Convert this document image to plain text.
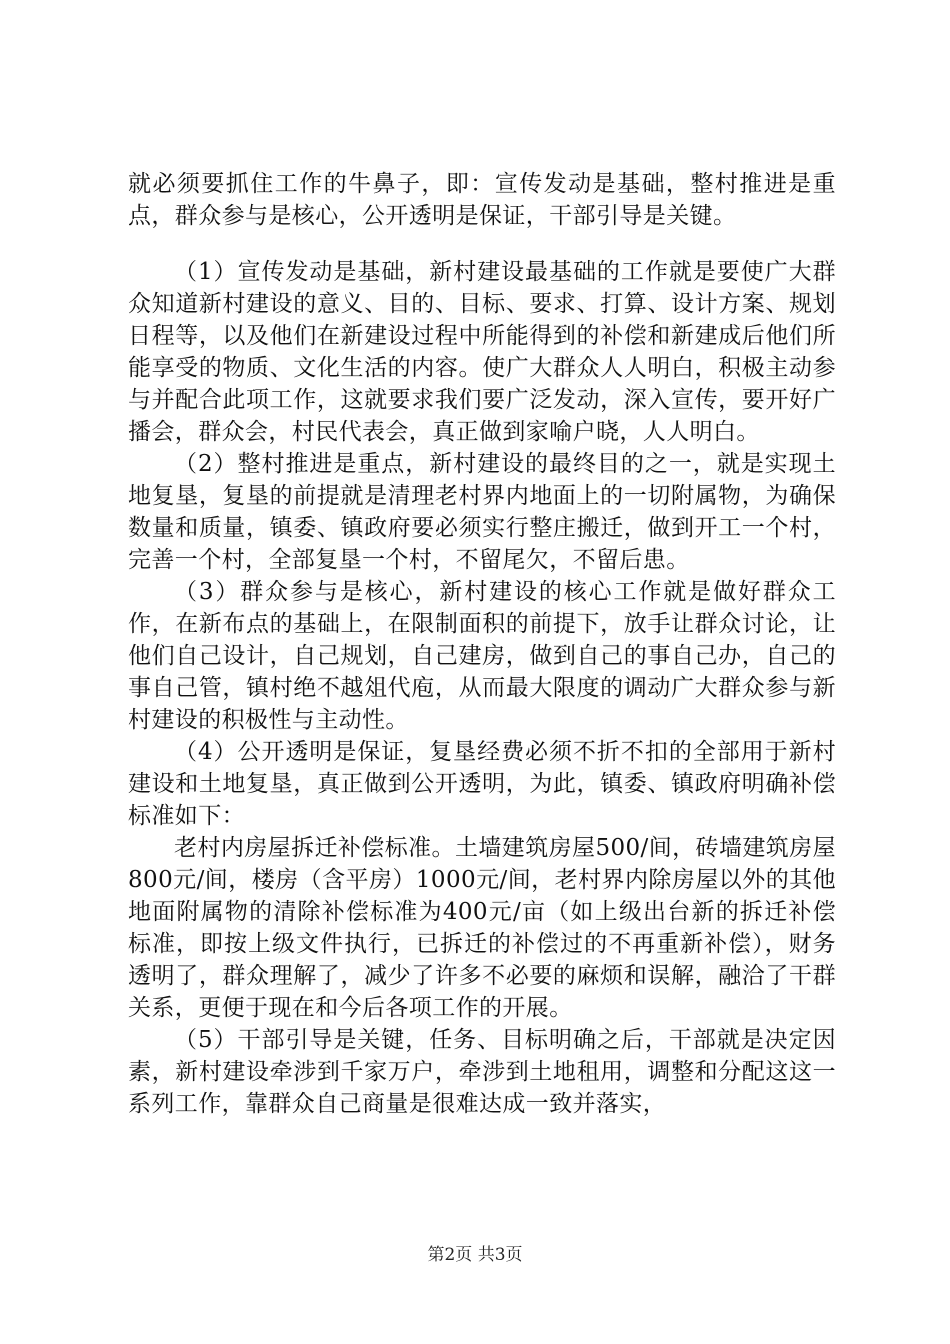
就必须要抓住工作的牛鼻子，即：宣传发动是基础，整村推进是重点，群众参与是核心，公开透明是保证，干部引导是关键。

（1）宣传发动是基础，新村建设最基础的工作就是要使广大群众知道新村建设的意义、目的、目标、要求、打算、设计方案、规划日程等，以及他们在新建设过程中所能得到的补偿和新建成后他们所能享受的物质、文化生活的内容。使广大群众人人明白，积极主动参与并配合此项工作，这就要求我们要广泛发动，深入宣传，要开好广播会，群众会，村民代表会，真正做到家喻户晓，人人明白。

（2）整村推进是重点，新村建设的最终目的之一，就是实现土地复垦，复垦的前提就是清理老村界内地面上的一切附属物，为确保数量和质量，镇委、镇政府要必须实行整庄搬迁，做到开工一个村，完善一个村，全部复垦一个村，不留尾欠，不留后患。

（3）群众参与是核心，新村建设的核心工作就是做好群众工作，在新布点的基础上，在限制面积的前提下，放手让群众讨论，让他们自己设计，自己规划，自己建房，做到自己的事自己办，自己的事自己管，镇村绝不越俎代庖，从而最大限度的调动广大群众参与新村建设的积极性与主动性。

（4）公开透明是保证，复垦经费必须不折不扣的全部用于新村建设和土地复垦，真正做到公开透明，为此，镇委、镇政府明确补偿标准如下：

老村内房屋拆迁补偿标准。土墙建筑房屋500/间，砖墙建筑房屋800元/间，楼房（含平房）1000元/间，老村界内除房屋以外的其他地面附属物的清除补偿标准为400元/亩（如上级出台新的拆迁补偿标准，即按上级文件执行，已拆迁的补偿过的不再重新补偿），财务透明了，群众理解了，减少了许多不必要的麻烦和误解，融洽了干群关系，更便于现在和今后各项工作的开展。

（5）干部引导是关键，任务、目标明确之后，干部就是决定因素，新村建设牵涉到千家万户，牵涉到土地租用，调整和分配这这一系列工作，靠群众自己商量是很难达成一致并落实，

第2页 共3页
